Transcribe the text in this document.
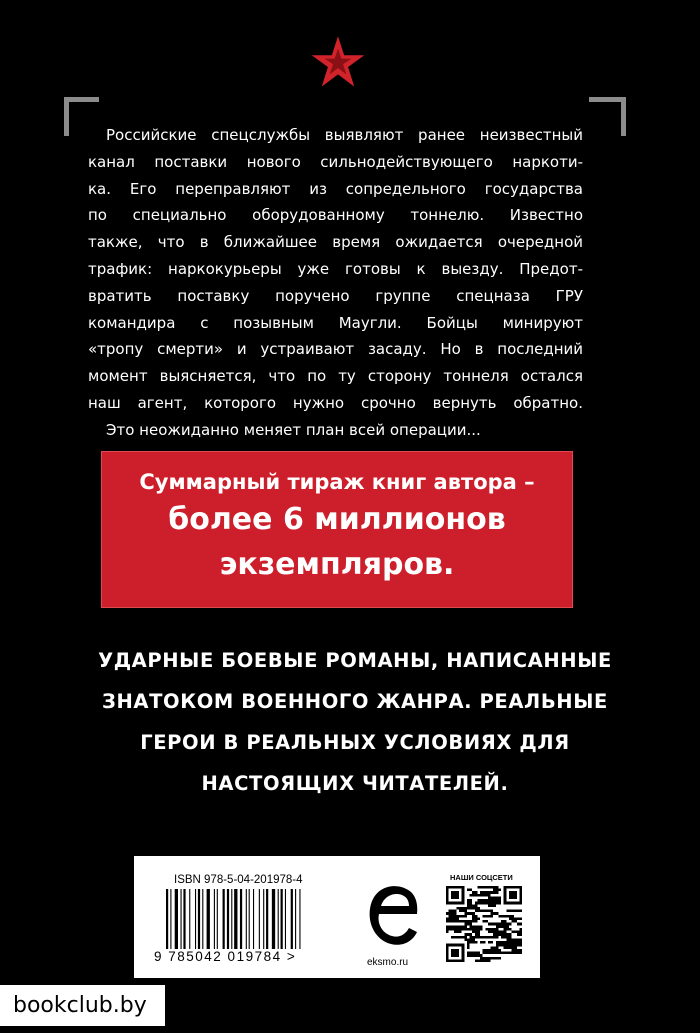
Российские спецслужбы выявляют ранее неизвестный

канал поставки нового сильнодействующего наркоти-

ка. Его переправляют из сопредельного государства

по специально оборудованному тоннелю. Известно

также, что в ближайшее время ожидается очередной

трафик: наркокурьеры уже готовы к выезду. Предот-

вратить поставку поручено группе спецназа ГРУ

командира с позывным Маугли. Бойцы минируют

«тропу смерти» и устраивают засаду. Но в последний

момент выясняется, что по ту сторону тоннеля остался

наш агент, которого нужно срочно вернуть обратно.

Это неожиданно меняет план всей операции...

Суммарный тираж книг автора –
более 6 миллионов
экземпляров.
УДАРНЫЕ БОЕВЫЕ РОМАНЫ, НАПИСАННЫЕ
ЗНАТОКОМ ВОЕННОГО ЖАНРА. РЕАЛЬНЫЕ
ГЕРОИ В РЕАЛЬНЫХ УСЛОВИЯХ ДЛЯ
НАСТОЯЩИХ ЧИТАТЕЛЕЙ.
ISBN 978-5-04-201978-4
9 785042 019784 >	eksmo.ru
НАШИ СОЦСЕТИ
bookclub.by
